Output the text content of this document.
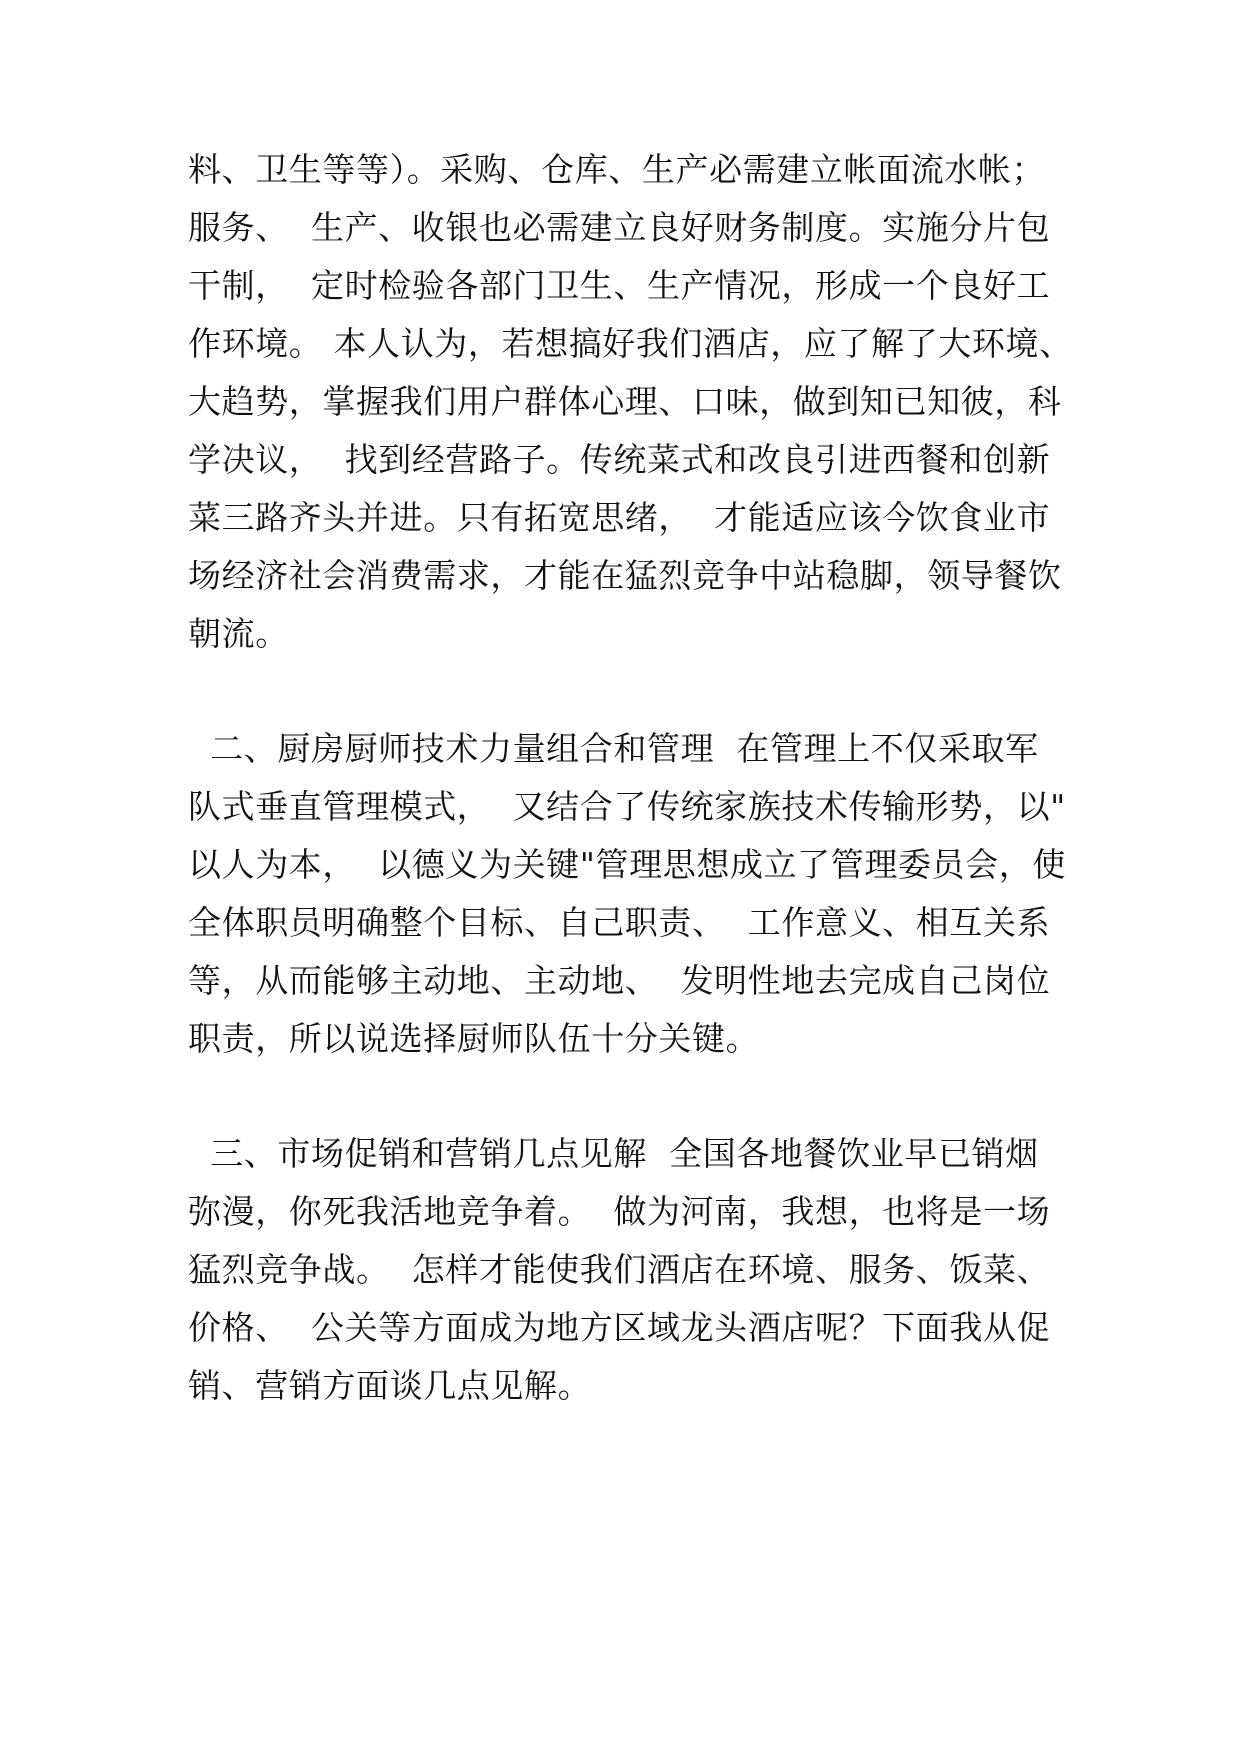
料、卫生等等）。采购、仓库、生产必需建立帐面流水帐；

服务、  生产、收银也必需建立良好财务制度。实施分片包

干制，  定时检验各部门卫生、生产情况，形成一个良好工

作环境。 本人认为，若想搞好我们酒店，应了解了大环境、

大趋势，掌握我们用户群体心理、口味，做到知已知彼，科

学决议，  找到经营路子。传统菜式和改良引进西餐和创新

菜三路齐头并进。只有拓宽思绪，  才能适应该今饮食业市

场经济社会消费需求，才能在猛烈竞争中站稳脚，领导餐饮

朝流。

二、厨房厨师技术力量组合和管理  在管理上不仅采取军

队式垂直管理模式，  又结合了传统家族技术传输形势，以"

以人为本，  以德义为关键"管理思想成立了管理委员会，使

全体职员明确整个目标、自己职责、  工作意义、相互关系

等，从而能够主动地、主动地、  发明性地去完成自己岗位

职责，所以说选择厨师队伍十分关键。

三、市场促销和营销几点见解  全国各地餐饮业早已销烟

弥漫，你死我活地竞争着。  做为河南，我想，也将是一场

猛烈竞争战。  怎样才能使我们酒店在环境、服务、饭菜、

价格、  公关等方面成为地方区域龙头酒店呢？下面我从促

销、营销方面谈几点见解。
